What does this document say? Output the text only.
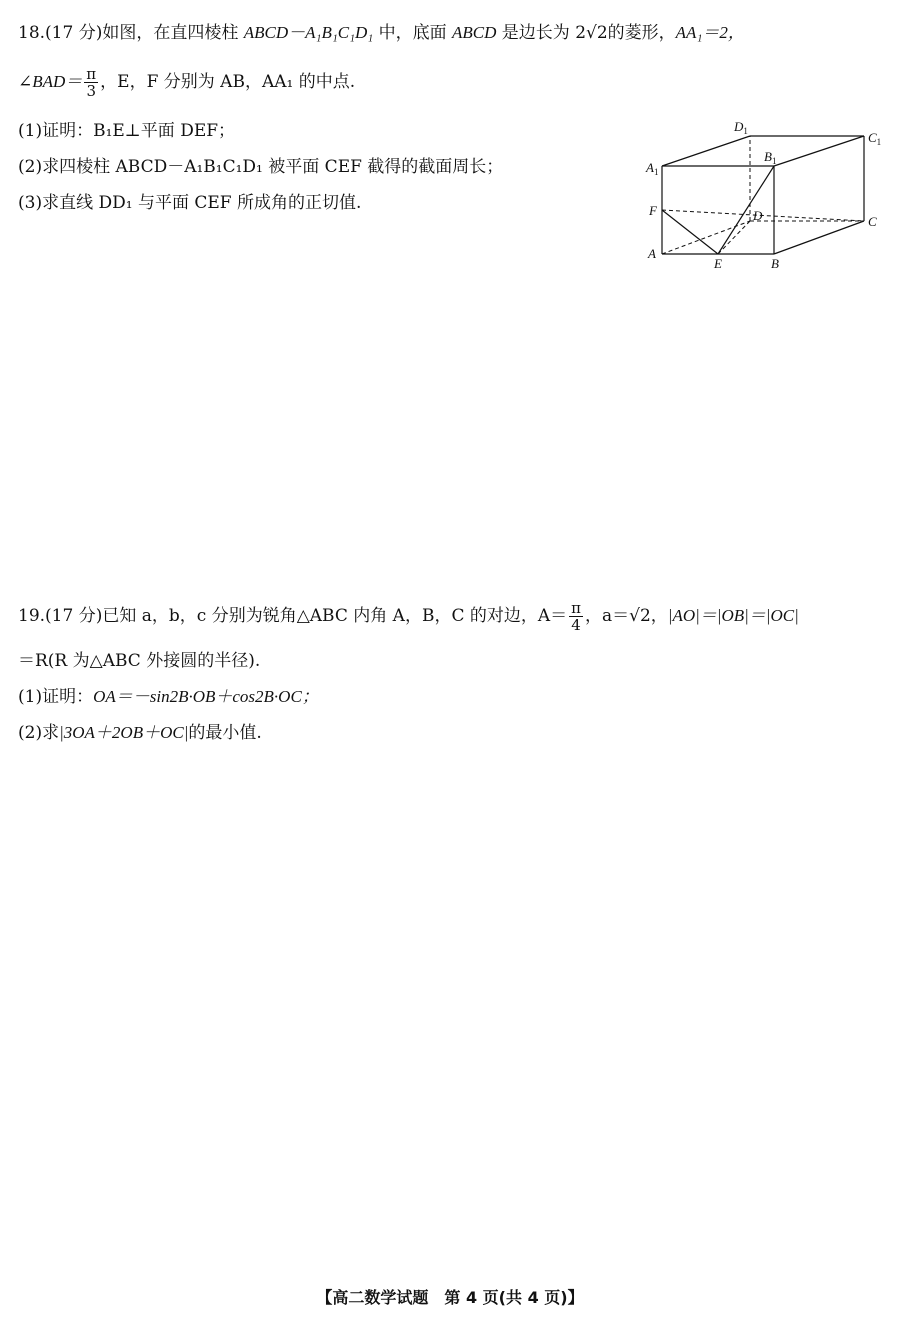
18.(17 分)如图，在直四棱柱 ABCD－A₁B₁C₁D₁ 中，底面 ABCD 是边长为 2√2的菱形，AA₁＝2，
∠BAD＝ $\frac{\pi}{3}$ ，E，F 分别为 AB，AA₁ 的中点.
(1)证明：B₁E⊥平面 DEF；
(2)求四棱柱 ABCD－A₁B₁C₁D₁ 被平面 CEF 截得的截面周长；
(3)求直线 DD₁ 与平面 CEF 所成角的正切值.
$D_1$	$C_1$
$B_1$
$A_1$
F	D	C
A
E	B
19.(17 分)已知 a，b，c 分别为锐角△ABC 内角 A，B，C 的对边，$A= \frac{\pi}{4}$ ，a＝√2，|AO|＝|OB|＝|OC|
＝R(R 为△ABC 外接圆的半径).
(1)证明：OA＝－sin2B·OB＋cos2B·OC；
(2)求|3OA＋2OB＋OC|的最小值.
【高二数学试题　第 4 页(共 4 页)】
